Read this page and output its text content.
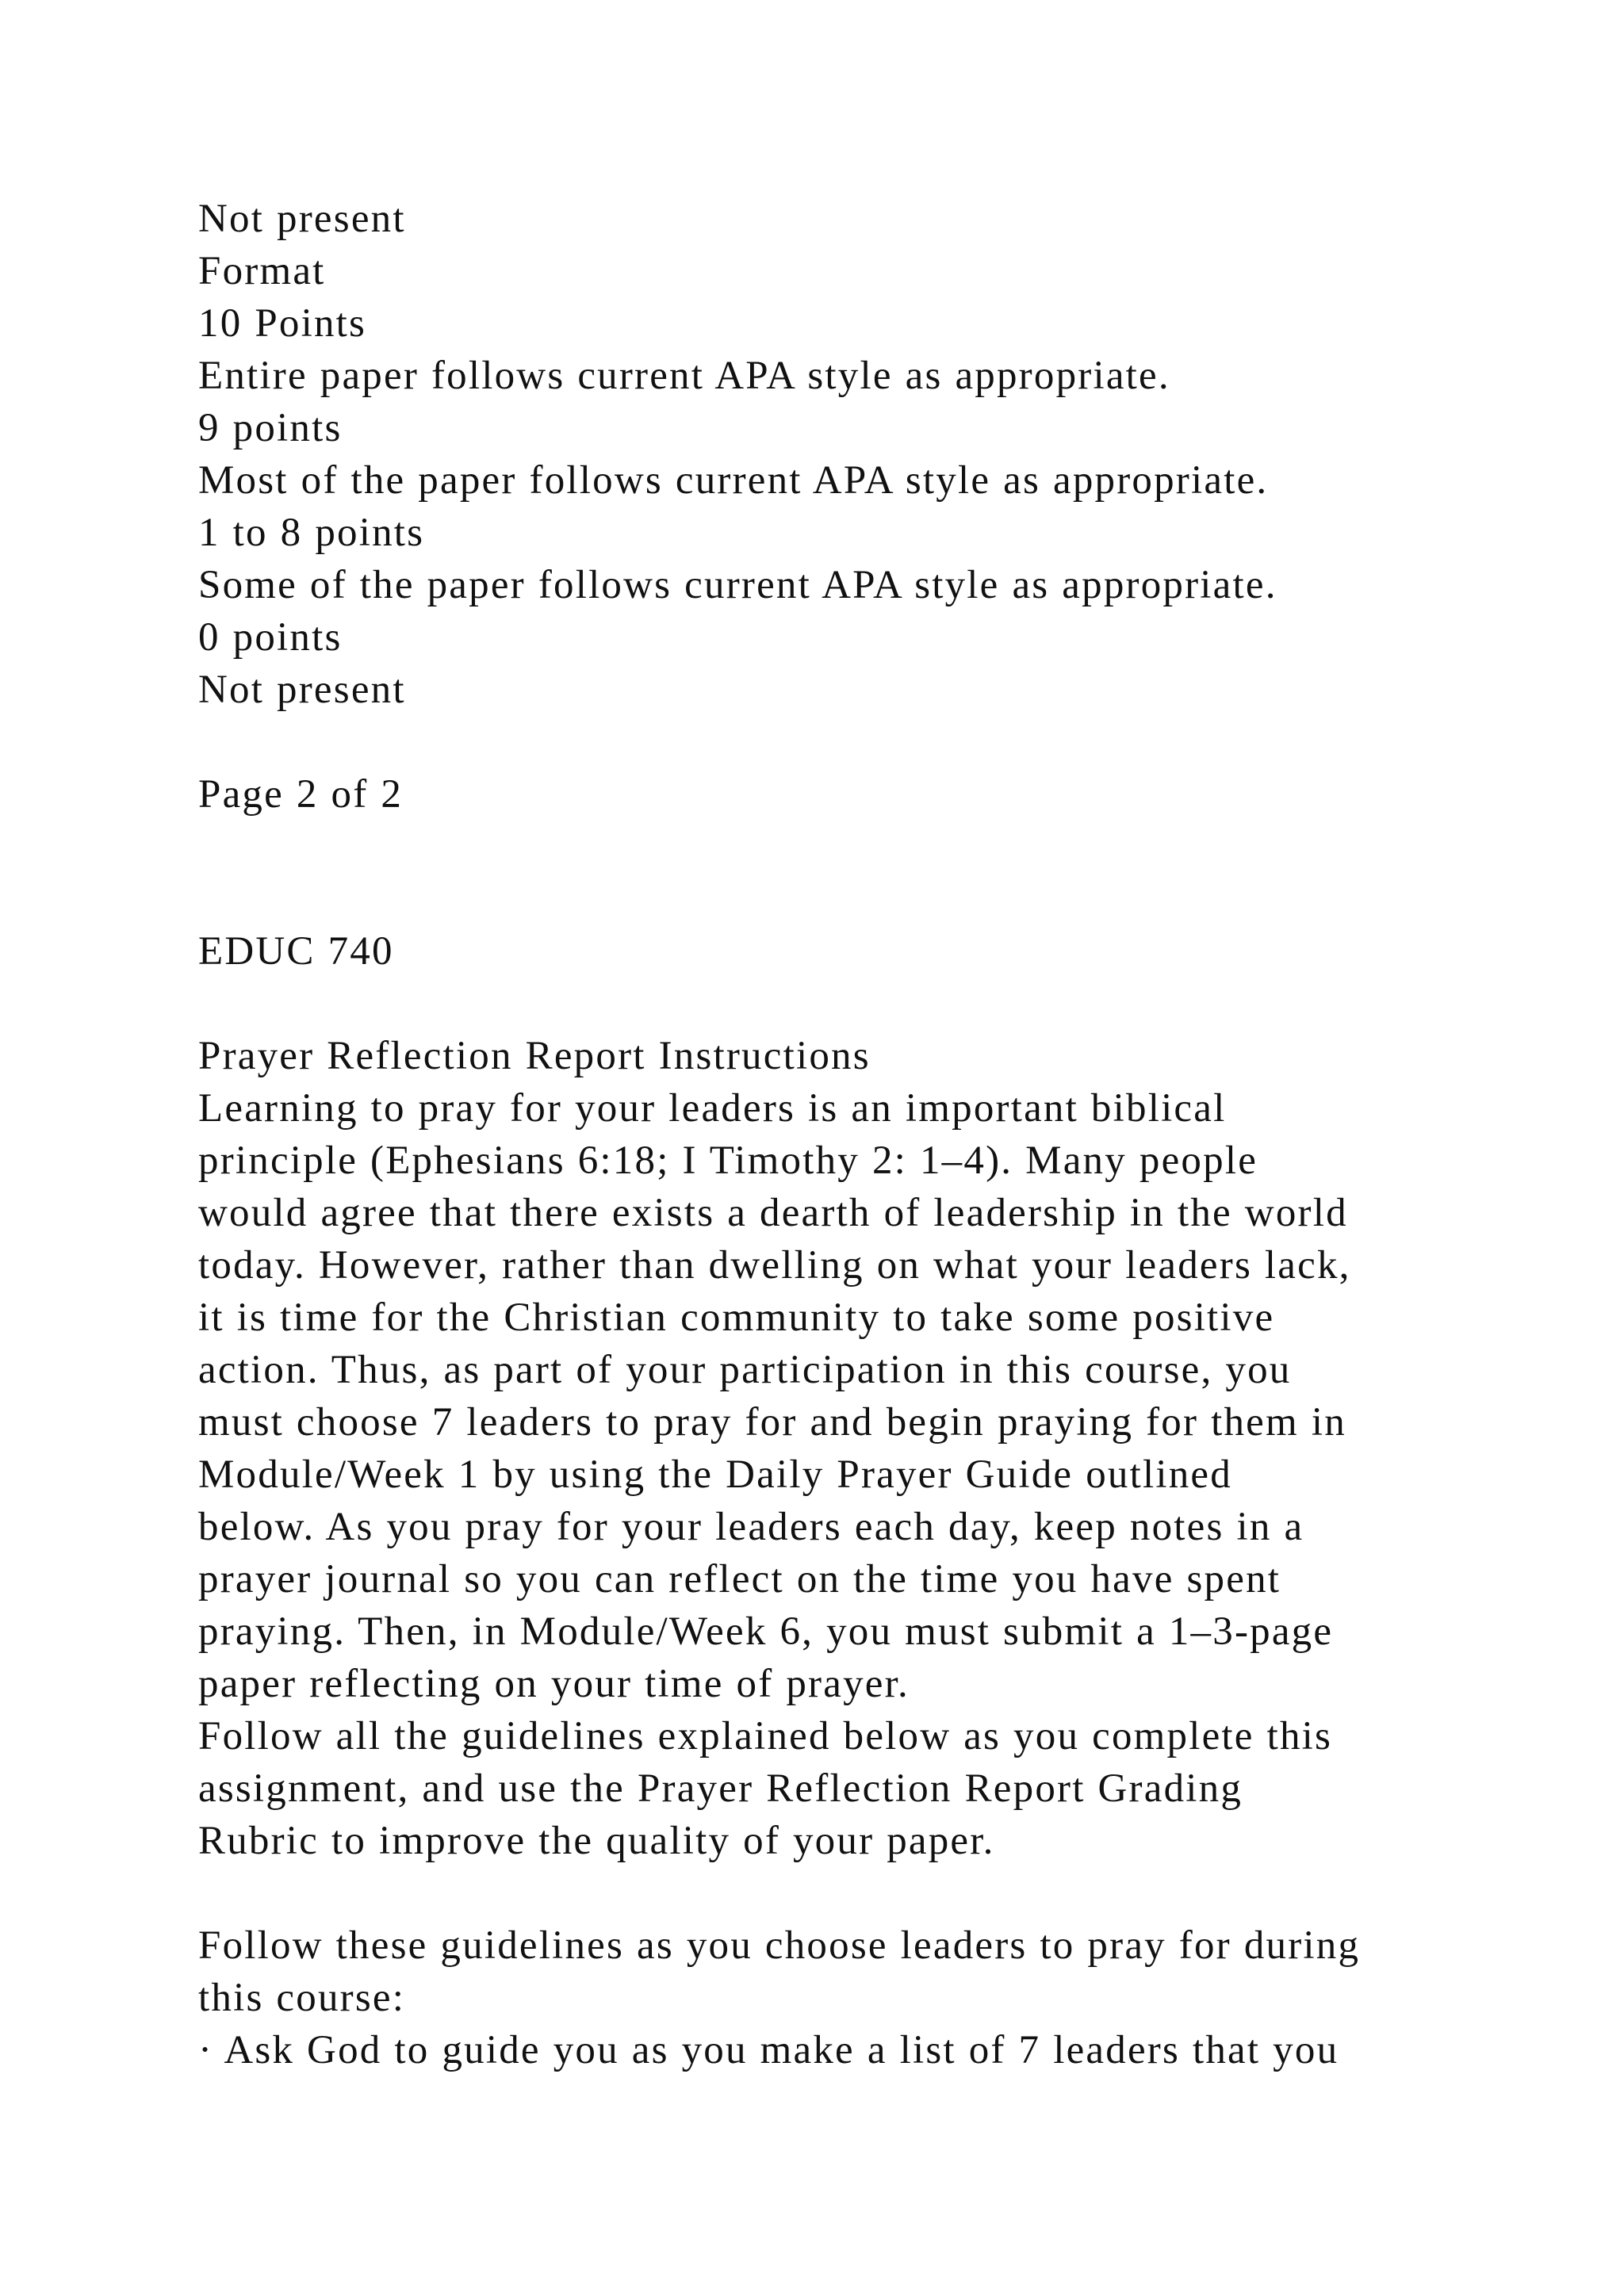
Not present
Format
10 Points
Entire paper follows current APA style as appropriate.
9 points
Most of the paper follows current APA style as appropriate.
1 to 8 points
Some of the paper follows current APA style as appropriate.
0 points
Not present
Page 2 of 2
EDUC 740
Prayer Reflection Report Instructions
Learning to pray for your leaders is an important biblical
principle (Ephesians 6:18; I Timothy 2: 1–4). Many people
would agree that there exists a dearth of leadership in the world
today. However, rather than dwelling on what your leaders lack,
it is time for the Christian community to take some positive
action. Thus, as part of your participation in this course, you
must choose 7 leaders to pray for and begin praying for them in
Module/Week 1 by using the Daily Prayer Guide outlined
below. As you pray for your leaders each day, keep notes in a
prayer journal so you can reflect on the time you have spent
praying. Then, in Module/Week 6, you must submit a 1–3-page
paper reflecting on your time of prayer.
Follow all the guidelines explained below as you complete this
assignment, and use the Prayer Reflection Report Grading
Rubric to improve the quality of your paper.
Follow these guidelines as you choose leaders to pray for during
this course:
· Ask God to guide you as you make a list of 7 leaders that you
